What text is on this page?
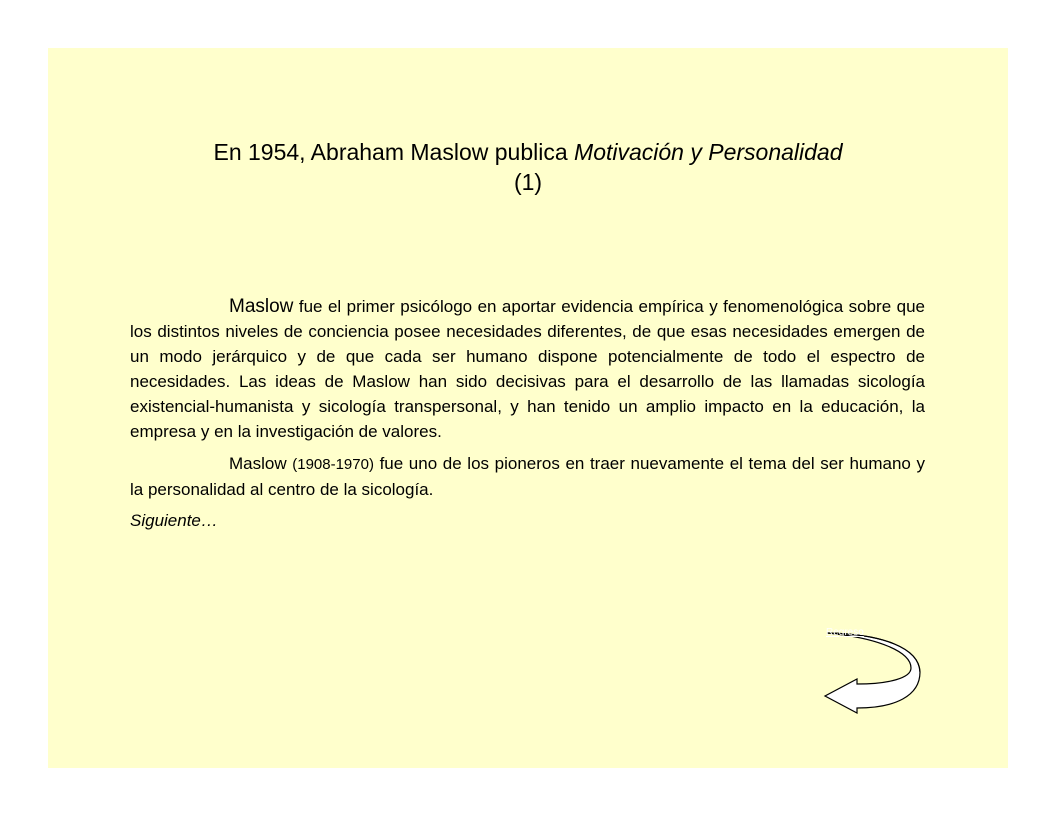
En 1954, Abraham Maslow publica Motivación y Personalidad
(1)

Maslow fue el primer psicólogo en aportar evidencia empírica y fenomenológica sobre que los distintos niveles de conciencia posee necesidades diferentes, de que esas necesidades emergen de un modo jerárquico y de que cada ser humano dispone potencialmente de todo el espectro de necesidades. Las ideas de Maslow han sido decisivas para el desarrollo de las llamadas sicología existencial-humanista y sicología transpersonal, y han tenido un amplio impacto en la educación, la empresa y en la investigación de valores.

Maslow (1908-1970) fue uno de los pioneros en traer nuevamente el tema del ser humano y la personalidad al centro de la sicología.

Siguiente…

Regreso
